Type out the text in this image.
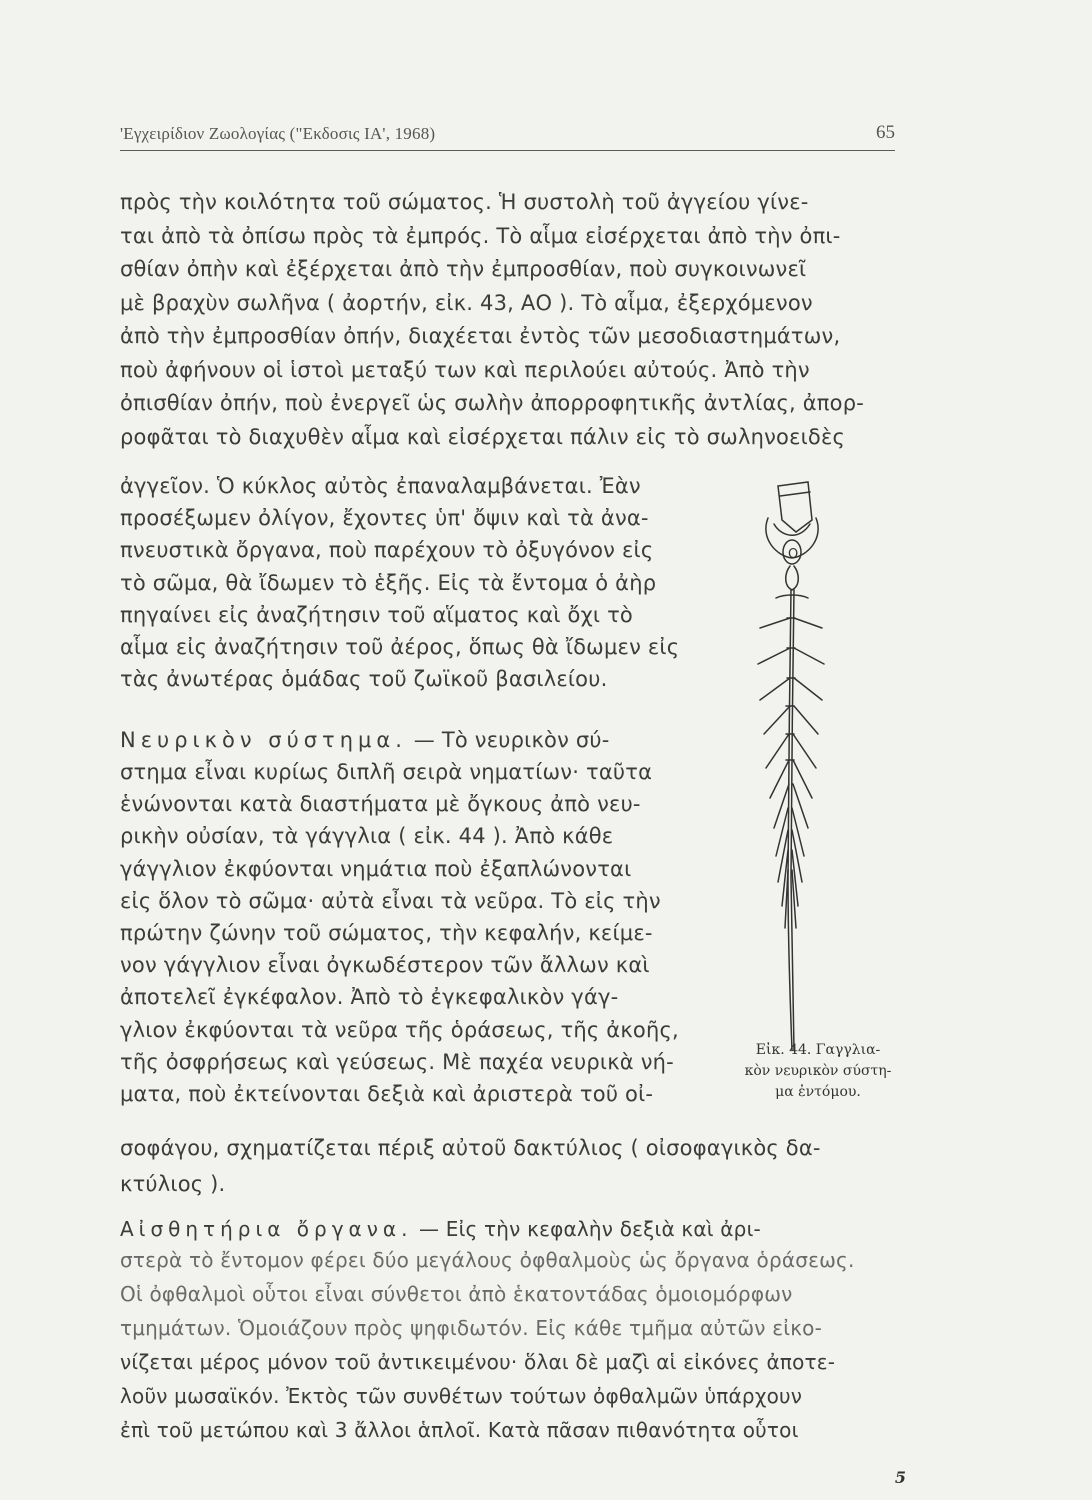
'Εγχειρίδιον Ζωολογίας ("Εκδοσις ΙΑ', 1968)	65
πρὸς τὴν κοιλότητα τοῦ σώματος. Ἡ συστολὴ τοῦ ἀγγείου γίνε-
ται ἀπὸ τὰ ὀπίσω πρὸς τὰ ἐμπρός. Τὸ αἷμα εἰσέρχεται ἀπὸ τὴν ὀπι-
σθίαν ὀπὴν καὶ ἐξέρχεται ἀπὸ τὴν ἐμπροσθίαν, ποὺ συγκοινωνεῖ
μὲ βραχὺν σωλῆνα ( ἀορτήν, εἰκ. 43, ΑΟ ). Τὸ αἷμα, ἐξερχόμενον
ἀπὸ τὴν ἐμπροσθίαν ὀπήν, διαχέεται ἐντὸς τῶν μεσοδιαστημάτων,
ποὺ ἀφήνουν οἱ ἱστοὶ μεταξύ των καὶ περιλούει αὐτούς. Ἀπὸ τὴν
ὀπισθίαν ὀπήν, ποὺ ἐνεργεῖ ὡς σωλὴν ἀπορροφητικῆς ἀντλίας, ἀπορ-
ροφᾶται τὸ διαχυθὲν αἷμα καὶ εἰσέρχεται πάλιν εἰς τὸ σωληνοειδὲς
ἀγγεῖον. Ὁ κύκλος αὐτὸς ἐπαναλαμβάνεται. Ἐὰν
προσέξωμεν ὀλίγον, ἔχοντες ὑπ' ὄψιν καὶ τὰ ἀνα-
πνευστικὰ ὄργανα, ποὺ παρέχουν τὸ ὀξυγόνον εἰς
τὸ σῶμα, θὰ ἴδωμεν τὸ ἑξῆς. Εἰς τὰ ἔντομα ὁ ἀὴρ
πηγαίνει εἰς ἀναζήτησιν τοῦ αἵματος καὶ ὄχι τὸ
αἷμα εἰς ἀναζήτησιν τοῦ ἀέρος, ὅπως θὰ ἴδωμεν εἰς
τὰς ἀνωτέρας ὁμάδας τοῦ ζωϊκοῦ βασιλείου.
Νευρικὸν σύστημα. — Τὸ νευρικὸν σύ-
στημα εἶναι κυρίως διπλῆ σειρὰ νηματίων· ταῦτα
ἑνώνονται κατὰ διαστήματα μὲ ὄγκους ἀπὸ νευ-
ρικὴν οὐσίαν, τὰ γάγγλια ( εἰκ. 44 ). Ἀπὸ κάθε
γάγγλιον ἐκφύονται νημάτια ποὺ ἐξαπλώνονται
εἰς ὅλον τὸ σῶμα· αὐτὰ εἶναι τὰ νεῦρα. Τὸ εἰς τὴν
πρώτην ζώνην τοῦ σώματος, τὴν κεφαλήν, κείμε-
νον γάγγλιον εἶναι ὀγκωδέστερον τῶν ἄλλων καὶ
ἀποτελεῖ ἐγκέφαλον. Ἀπὸ τὸ ἐγκεφαλικὸν γάγ-
γλιον ἐκφύονται τὰ νεῦρα τῆς ὁράσεως, τῆς ἀκοῆς,
τῆς ὀσφρήσεως καὶ γεύσεως. Μὲ παχέα νευρικὰ νή-
ματα, ποὺ ἐκτείνονται δεξιὰ καὶ ἀριστερὰ τοῦ οἰ-
σοφάγου, σχηματίζεται πέριξ αὐτοῦ δακτύλιος ( οἰσοφαγικὸς δα-
κτύλιος ).
Αἰσθητήρια ὄργανα. — Εἰς τὴν κεφαλὴν δεξιὰ καὶ ἀρι-
στερὰ τὸ ἔντομον φέρει δύο μεγάλους ὀφθαλμοὺς ὡς ὄργανα ὁράσεως.
Οἱ ὀφθαλμοὶ οὗτοι εἶναι σύνθετοι ἀπὸ ἑκατοντάδας ὁμοιομόρφων
τμημάτων. Ὁμοιάζουν πρὸς ψηφιδωτόν. Εἰς κάθε τμῆμα αὐτῶν εἰκο-
νίζεται μέρος μόνον τοῦ ἀντικειμένου· ὅλαι δὲ μαζὶ αἱ εἰκόνες ἀποτε-
λοῦν μωσαϊκόν. Ἐκτὸς τῶν συνθέτων τούτων ὀφθαλμῶν ὑπάρχουν
ἐπὶ τοῦ μετώπου καὶ 3 ἄλλοι ἁπλοῖ. Κατὰ πᾶσαν πιθανότητα οὗτοι
O
Εἰκ. 44. Γαγγλια-
κὸν νευρικὸν σύστη-
μα ἐντόμου.
5
